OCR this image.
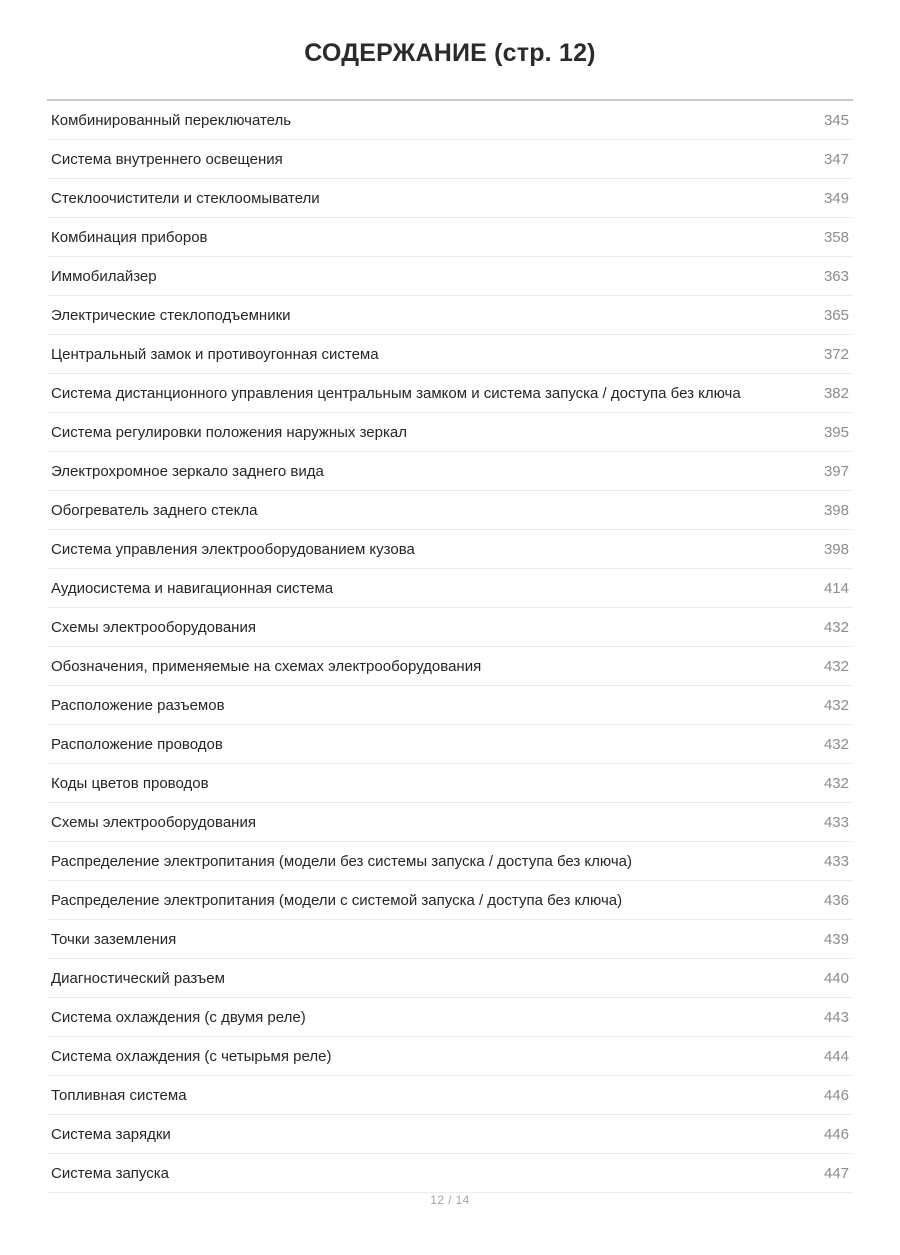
СОДЕРЖАНИЕ (стр. 12)
Комбинированный переключатель	345
Система внутреннего освещения	347
Стеклоочистители и стеклоомыватели	349
Комбинация приборов	358
Иммобилайзер	363
Электрические стеклоподъемники	365
Центральный замок и противоугонная система	372
Система дистанционного управления центральным замком и система запуска / доступа без ключа	382
Система регулировки положения наружных зеркал	395
Электрохромное зеркало заднего вида	397
Обогреватель заднего стекла	398
Система управления электрооборудованием кузова	398
Аудиосистема и навигационная система	414
Схемы электрооборудования	432
Обозначения, применяемые на схемах электрооборудования	432
Расположение разъемов	432
Расположение проводов	432
Коды цветов проводов	432
Схемы электрооборудования	433
Распределение электропитания (модели без системы запуска / доступа без ключа)	433
Распределение электропитания (модели с системой запуска / доступа без ключа)	436
Точки заземления	439
Диагностический разъем	440
Система охлаждения (с двумя реле)	443
Система охлаждения (с четырьмя реле)	444
Топливная система	446
Система зарядки	446
Система запуска	447
12 / 14
